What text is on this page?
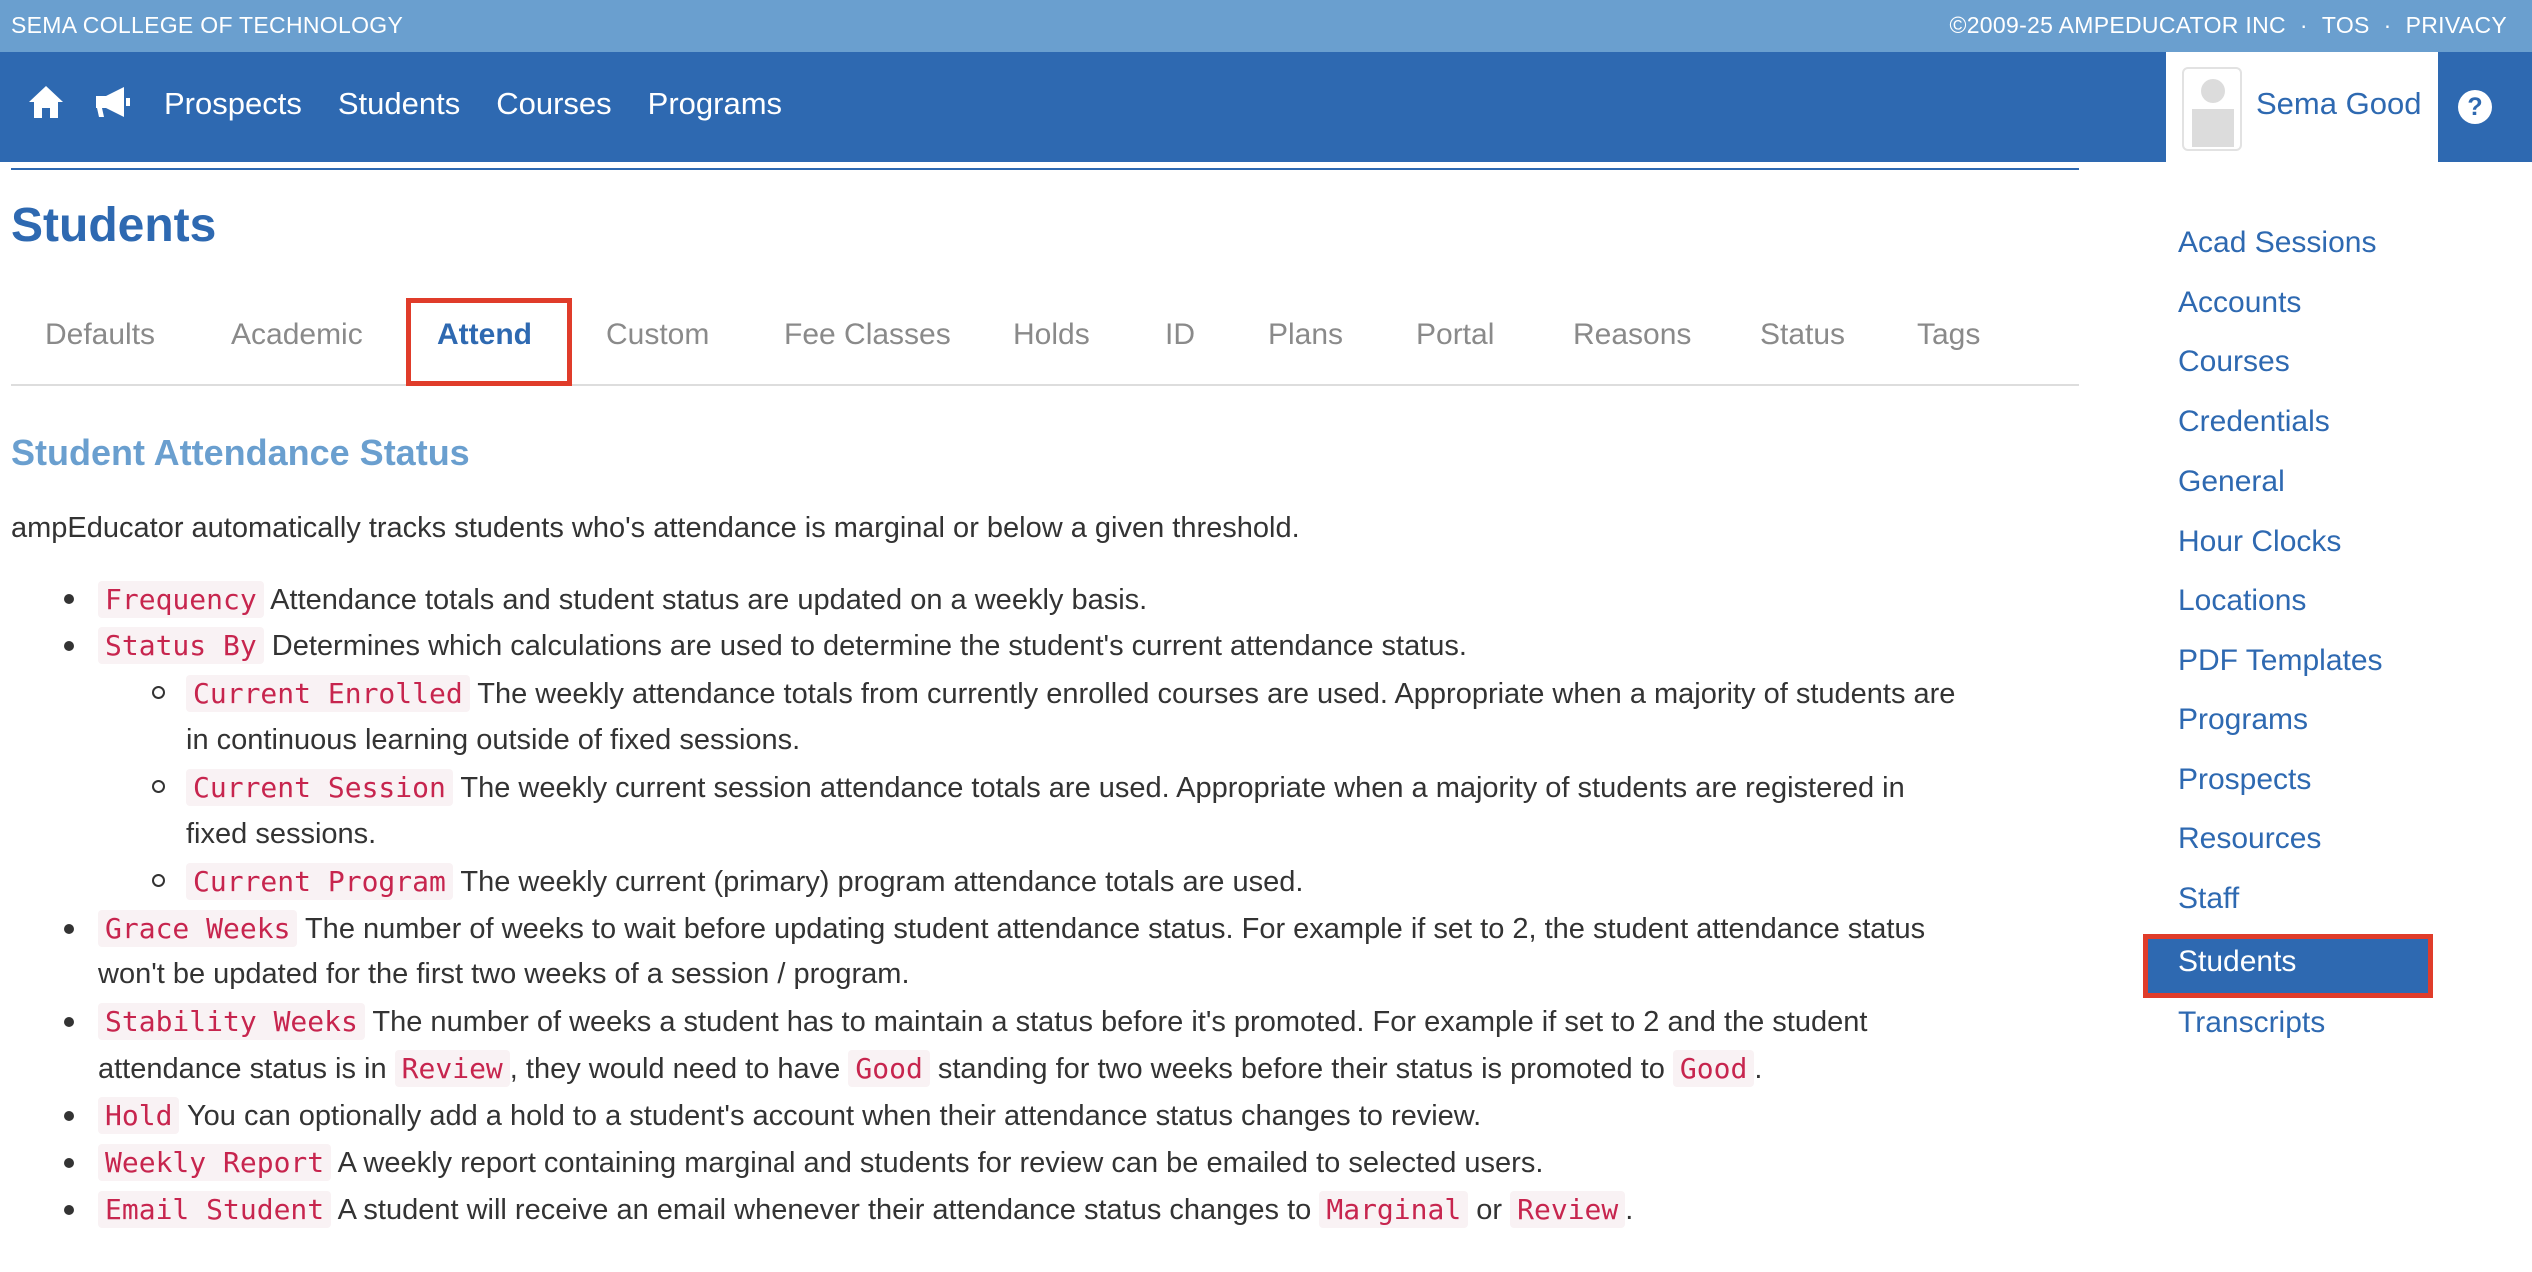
SEMA COLLEGE OF TECHNOLOGY	©2009-25 AMPEDUCATOR INC · TOS · PRIVACY
Prospects Students Courses Programs	Sema Good	?
Students
Defaults	Academic Attend Custom Fee Classes Holds	ID Plans Portal	Reasons Status Tags
Student Attendance Status

ampEducator automatically tracks students who's attendance is marginal or below a given threshold.

Frequency Attendance totals and student status are updated on a weekly basis.
Status By Determines which calculations are used to determine the student's current attendance status.
Current Enrolled The weekly attendance totals from currently enrolled courses are used. Appropriate when a majority of students are
in continuous learning outside of fixed sessions.
Current Session The weekly current session attendance totals are used. Appropriate when a majority of students are registered in
fixed sessions.
Current Program The weekly current (primary) program attendance totals are used.
Grace Weeks The number of weeks to wait before updating student attendance status. For example if set to 2, the student attendance status
won't be updated for the first two weeks of a session / program.
Stability Weeks The number of weeks a student has to maintain a status before it's promoted. For example if set to 2 and the student
attendance status is in Review , they would need to have Good standing for two weeks before their status is promoted to Good .
Hold You can optionally add a hold to a student's account when their attendance status changes to review.
Weekly Report A weekly report containing marginal and students for review can be emailed to selected users.
Email Student A student will receive an email whenever their attendance status changes to Marginal or Review .
Acad Sessions
Accounts
Courses
Credentials
General
Hour Clocks
Locations
PDF Templates
Programs
Prospects
Resources
Staff
Students
Transcripts
